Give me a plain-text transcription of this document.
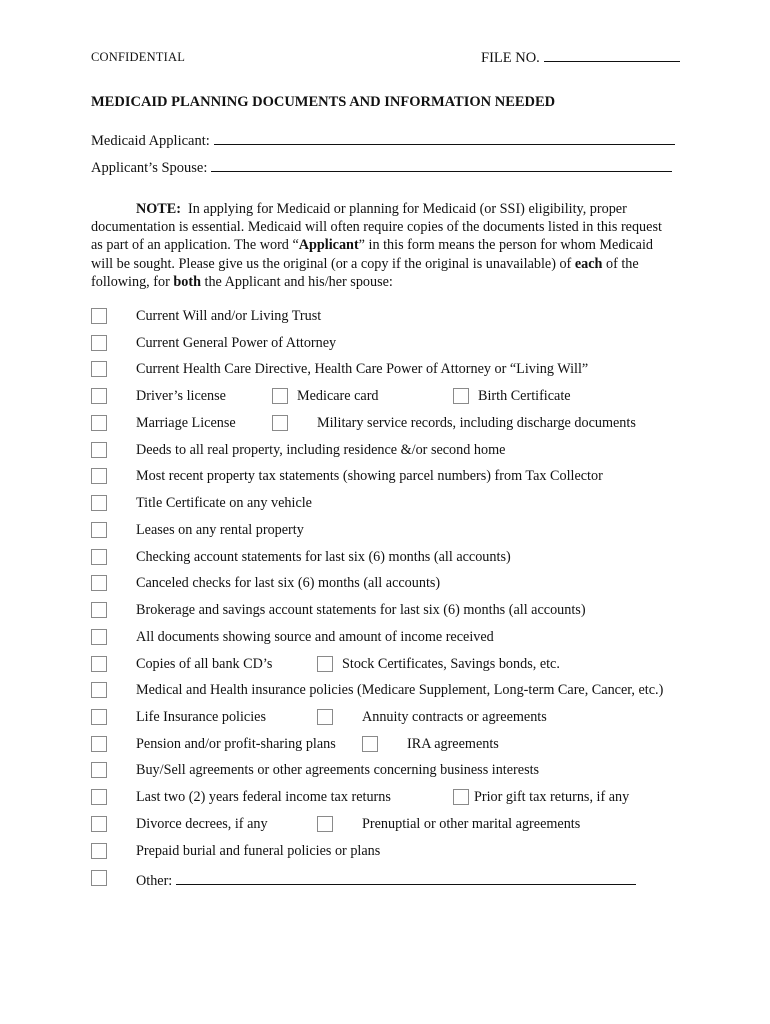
CONFIDENTIAL	FILE NO.
MEDICAID PLANNING DOCUMENTS AND INFORMATION NEEDED
Medicaid Applicant:
Applicant’s Spouse:
NOTE: In applying for Medicaid or planning for Medicaid (or SSI) eligibility, proper
documentation is essential. Medicaid will often require copies of the documents listed in this request
as part of an application. The word “Applicant” in this form means the person for whom Medicaid
will be sought. Please give us the original (or a copy if the original is unavailable) of each of the
following, for both the Applicant and his/her spouse:
Current Will and/or Living Trust
Current General Power of Attorney
Current Health Care Directive, Health Care Power of Attorney or “Living Will”
Driver’s license	Medicare card	Birth Certificate
Marriage License	Military service records, including discharge documents
Deeds to all real property, including residence &/or second home
Most recent property tax statements (showing parcel numbers) from Tax Collector
Title Certificate on any vehicle
Leases on any rental property
Checking account statements for last six (6) months (all accounts)
Canceled checks for last six (6) months (all accounts)
Brokerage and savings account statements for last six (6) months (all accounts)
All documents showing source and amount of income received
Copies of all bank CD’s	Stock Certificates, Savings bonds, etc.
Medical and Health insurance policies (Medicare Supplement, Long-term Care, Cancer, etc.)
Life Insurance policies	Annuity contracts or agreements
Pension and/or profit-sharing plans	IRA agreements
Buy/Sell agreements or other agreements concerning business interests
Last two (2) years federal income tax returns	Prior gift tax returns, if any
Divorce decrees, if any	Prenuptial or other marital agreements
Prepaid burial and funeral policies or plans
Other:
